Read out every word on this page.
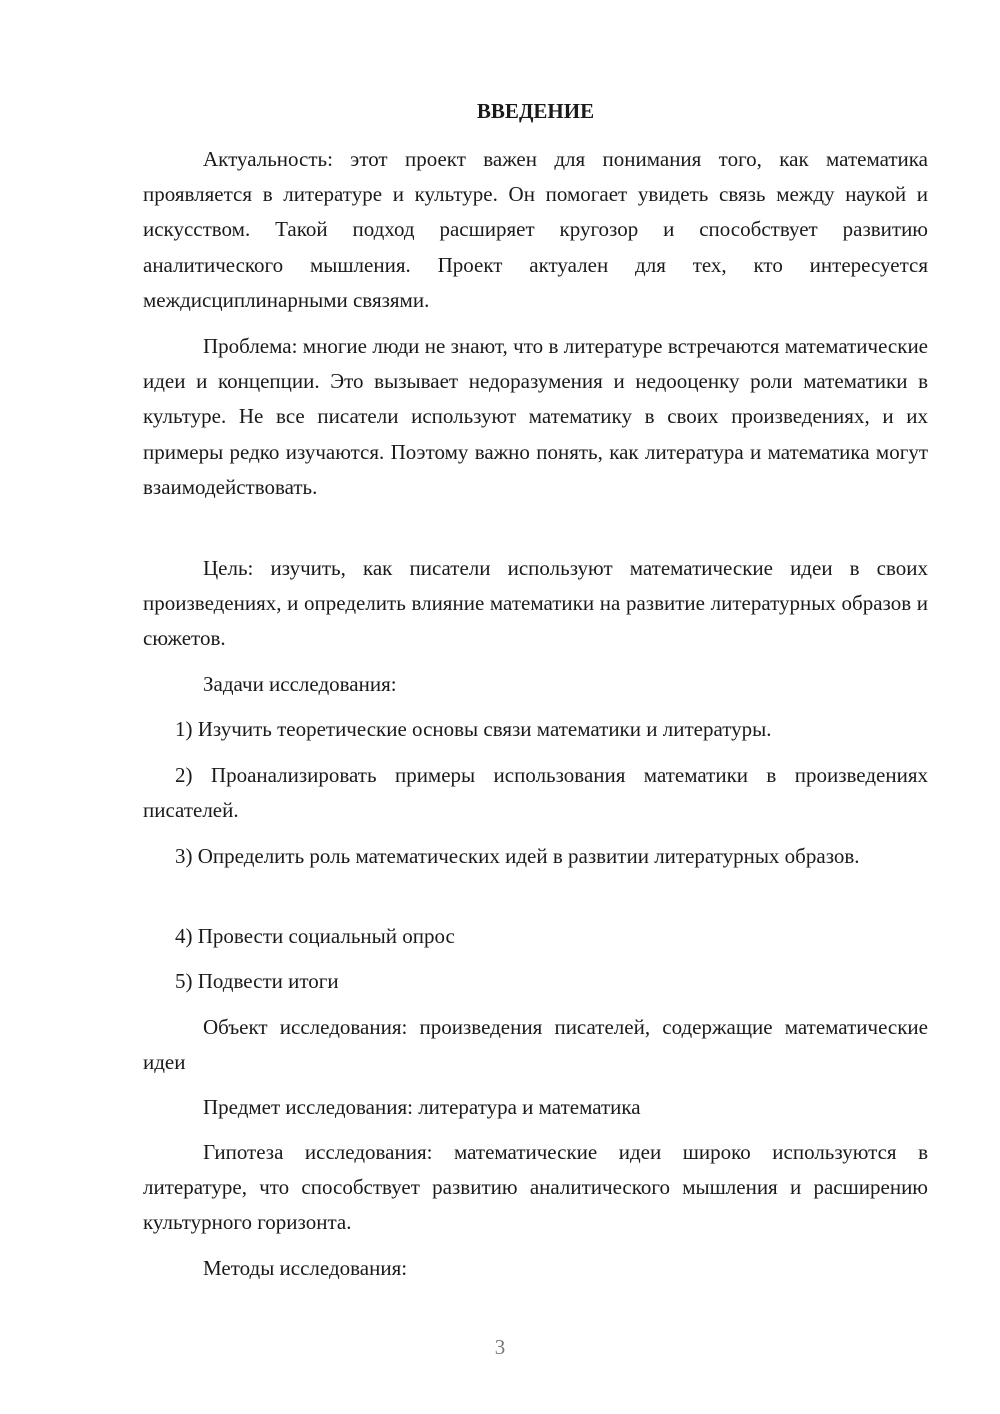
ВВЕДЕНИЕ

Актуальность: этот проект важен для понимания того, как математика проявляется в литературе и культуре. Он помогает увидеть связь между наукой и искусством. Такой подход расширяет кругозор и способствует развитию аналитического мышления. Проект актуален для тех, кто интересуется междисциплинарными связями.

Проблема: многие люди не знают, что в литературе встречаются математические идеи и концепции. Это вызывает недоразумения и недооценку роли математики в культуре. Не все писатели используют математику в своих произведениях, и их примеры редко изучаются. Поэтому важно понять, как литература и математика могут взаимодействовать.

Цель: изучить, как писатели используют математические идеи в своих произведениях, и определить влияние математики на развитие литературных образов и сюжетов.

Задачи исследования:

1) Изучить теоретические основы связи математики и литературы.

2) Проанализировать примеры использования математики в произведениях писателей.

3) Определить роль математических идей в развитии литературных образов.

4) Провести социальный опрос

5) Подвести итоги

Объект исследования: произведения писателей, содержащие математические идеи

Предмет исследования: литература и математика

Гипотеза исследования: математические идеи широко используются в литературе, что способствует развитию аналитического мышления и расширению культурного горизонта.

Методы исследования:

3
